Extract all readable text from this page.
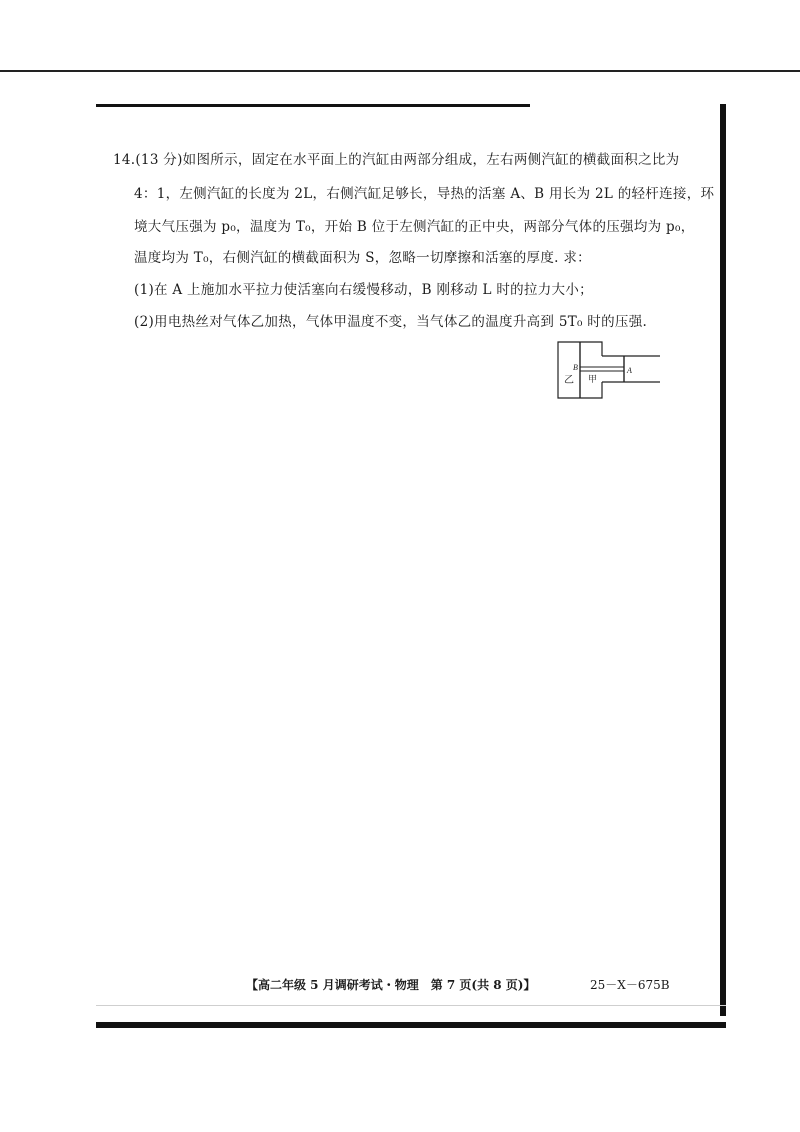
14.(13 分)如图所示，固定在水平面上的汽缸由两部分组成，左右两侧汽缸的横截面积之比为
4：1，左侧汽缸的长度为 2L，右侧汽缸足够长，导热的活塞 A、B 用长为 2L 的轻杆连接，环
境大气压强为 p₀，温度为 T₀，开始 B 位于左侧汽缸的正中央，两部分气体的压强均为 p₀，
温度均为 T₀，右侧汽缸的横截面积为 S，忽略一切摩擦和活塞的厚度. 求：
(1)在 A 上施加水平拉力使活塞向右缓慢移动，B 刚移动 L 时的拉力大小；
(2)用电热丝对气体乙加热，气体甲温度不变，当气体乙的温度升高到 5T₀ 时的压强.
B	A
乙 甲
【高二年级 5 月调研考试・物理　第 7 页(共 8 页)】	25－X－675B
